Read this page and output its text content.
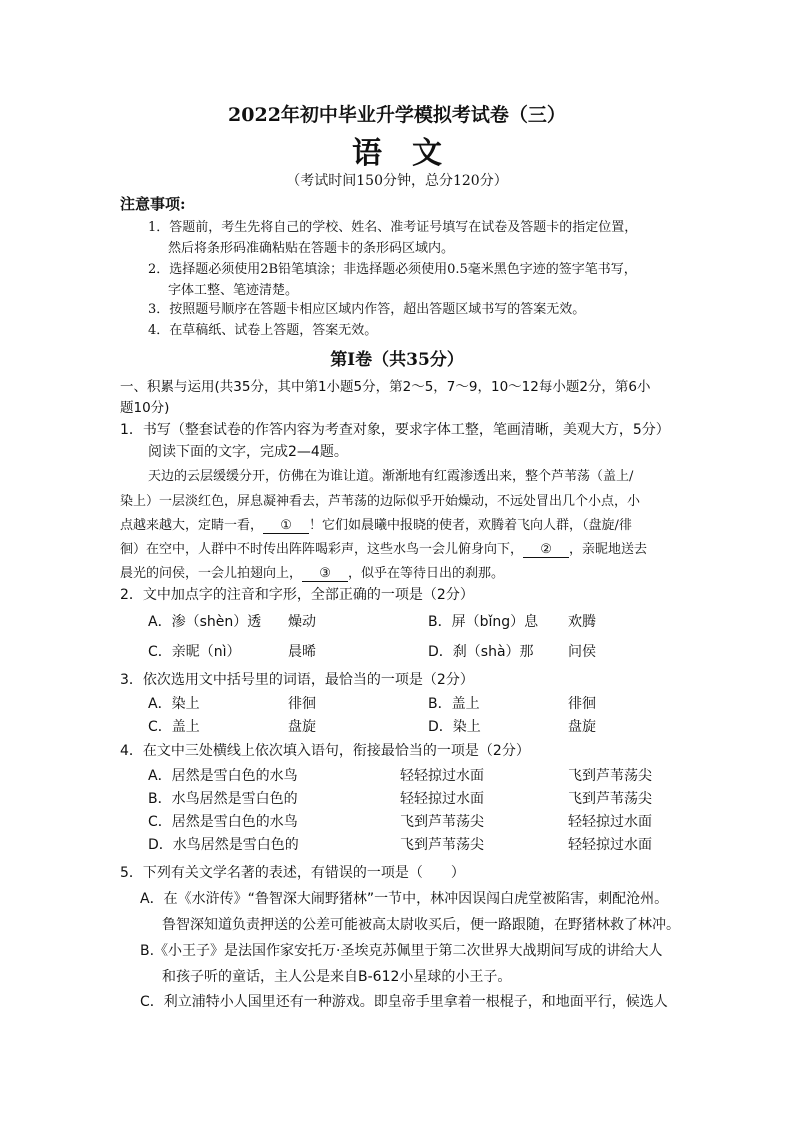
2022年初中毕业升学模拟考试卷（三）
语　文
（考试时间150分钟，总分120分）
注意事项:
1．答题前，考生先将自己的学校、姓名、准考证号填写在试卷及答题卡的指定位置，
然后将条形码准确粘贴在答题卡的条形码区域内。
2．选择题必须使用2B铅笔填涂；非选择题必须使用0.5毫米黑色字迹的签字笔书写，
字体工整、笔迹清楚。
3．按照题号顺序在答题卡相应区域内作答，超出答题区域书写的答案无效。
4．在草稿纸、试卷上答题，答案无效。
第Ⅰ卷（共35分）
一、积累与运用(共35分，其中第1小题5分，第2～5，7～9，10～12每小题2分，第6小
题10分)
1．书写（整套试卷的作答内容为考查对象，要求字体工整，笔画清晰，美观大方，5分）
阅读下面的文字，完成2—4题。
天边的云层缓缓分开，仿佛在为谁让道。渐渐地有红霞渗透出来，整个芦苇荡（盖上/
染上）一层淡红色，屏息凝神看去，芦苇荡的边际似乎开始燥动，不远处冒出几个小点，小
点越来越大，定睛一看， ① ！它们如晨曦中报晓的使者，欢腾着飞向人群，（盘旋/徘
徊）在空中，人群中不时传出阵阵喝彩声，这些水鸟一会儿俯身向下， ② ，亲昵地送去
晨光的问侯，一会儿拍翅向上， ③ ，似乎在等待日出的刹那。
2．文中加点字的注音和字形，全部正确的一项是（2分）
A．渗（shèn）透 燥动	B．屏（bǐng）息 欢腾
C．亲昵（nì）	晨晞	D．刹（shà）那 问侯
3．依次选用文中括号里的词语，最恰当的一项是（2分）
A．染上	徘徊	B．盖上	徘徊
C．盖上	盘旋	D．染上	盘旋
4．在文中三处横线上依次填入语句，衔接最恰当的一项是（2分）
A．居然是雪白色的水鸟	轻轻掠过水面	飞到芦苇荡尖
B．水鸟居然是雪白色的	轻轻掠过水面	飞到芦苇荡尖
C．居然是雪白色的水鸟	飞到芦苇荡尖	轻轻掠过水面
D．水鸟居然是雪白色的	飞到芦苇荡尖	轻轻掠过水面
5．下列有关文学名著的表述，有错误的一项是（　　）
A．在《水浒传》“鲁智深大闹野猪林”一节中，林冲因误闯白虎堂被陷害，刺配沧州。
鲁智深知道负责押送的公差可能被高太尉收买后，便一路跟随，在野猪林救了林冲。
B.《小王子》是法国作家安托万·圣埃克苏佩里于第二次世界大战期间写成的讲给大人
和孩子听的童话，主人公是来自B-612小星球的小王子。
C．利立浦特小人国里还有一种游戏。即皇帝手里拿着一根棍子，和地面平行，候选人
